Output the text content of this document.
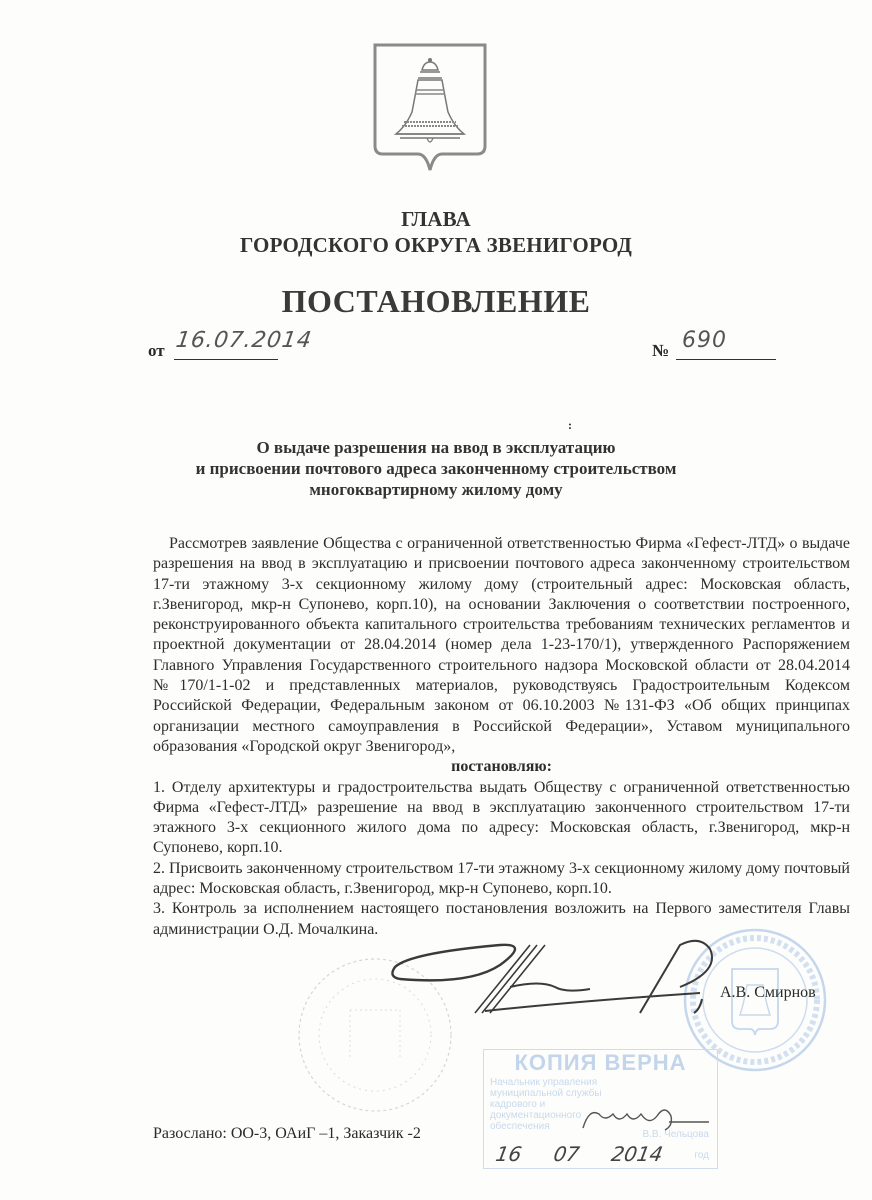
ГЛАВА
ГОРОДСКОГО ОКРУГА ЗВЕНИГОРОД
ПОСТАНОВЛЕНИЕ
от 16.07.2014	№ 690
:
О выдаче разрешения на ввод в эксплуатацию
и присвоении почтового адреса законченному строительством
многоквартирному жилому дому

Рассмотрев заявление Общества с ограниченной ответственностью Фирма «Гефест-ЛТД» о выдаче разрешения на ввод в эксплуатацию и присвоении почтового адреса законченному строительством 17-ти этажному 3-х секционному жилому дому (строительный адрес: Московская область, г.Звенигород, мкр-н Супонево, корп.10), на основании Заключения о соответствии построенного, реконструированного объекта капитального строительства требованиям технических регламентов и проектной документации от 28.04.2014 (номер дела 1-23-170/1), утвержденного Распоряжением Главного Управления Государственного строительного надзора Московской области от 28.04.2014 №170/1-1-02 и представленных материалов, руководствуясь Градостроительным Кодексом Российской Федерации, Федеральным законом от 06.10.2003 №131-ФЗ «Об общих принципах организации местного самоуправления в Российской Федерации», Уставом муниципального образования «Городской округ Звенигород»,

постановляю:

1. Отделу архитектуры и градостроительства выдать Обществу с ограниченной ответственностью Фирма «Гефест-ЛТД» разрешение на ввод в эксплуатацию законченного строительством 17-ти этажного 3-х секционного жилого дома по адресу: Московская область, г.Звенигород, мкр-н Супонево, корп.10.

2. Присвоить законченному строительством 17-ти этажному 3-х секционному жилому дому почтовый адрес: Московская область, г.Звенигород, мкр-н Супонево, корп.10.

3. Контроль за исполнением настоящего постановления возложить на Первого заместителя Главы администрации О.Д. Мочалкина.

А.В. Смирнов
КОПИЯ ВЕРНА
Начальник управления
муниципальной службы
кадрового и
документационного
обеспечения
В.В. Чельцова
год
16 07 2014
Разослано: ОО-3, ОАиГ –1, Заказчик -2
